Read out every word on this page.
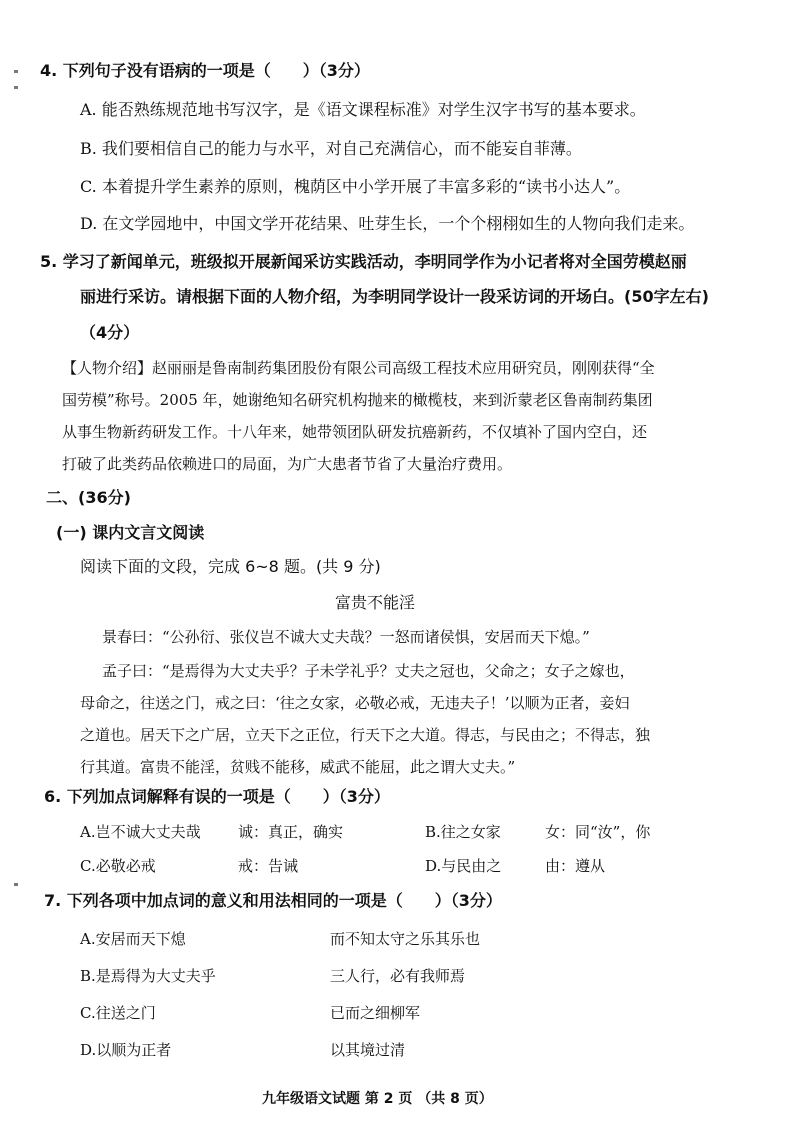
4. 下列句子没有语病的一项是（　　）（3分）
A. 能否熟练规范地书写汉字，是《语文课程标准》对学生汉字书写的基本要求。
B. 我们要相信自己的能力与水平，对自己充满信心，而不能妄自菲薄。
C. 本着提升学生素养的原则，槐荫区中小学开展了丰富多彩的“读书小达人”。
D. 在文学园地中，中国文学开花结果、吐芽生长，一个个栩栩如生的人物向我们走来。
5. 学习了新闻单元，班级拟开展新闻采访实践活动，李明同学作为小记者将对全国劳模赵丽
丽进行采访。请根据下面的人物介绍，为李明同学设计一段采访词的开场白。(50字左右)
（4分）
【人物介绍】赵丽丽是鲁南制药集团股份有限公司高级工程技术应用研究员，刚刚获得“全
国劳模”称号。2005 年，她谢绝知名研究机构抛来的橄榄枝，来到沂蒙老区鲁南制药集团
从事生物新药研发工作。十八年来，她带领团队研发抗癌新药，不仅填补了国内空白，还
打破了此类药品依赖进口的局面，为广大患者节省了大量治疗费用。
二、(36分)
(一) 课内文言文阅读
阅读下面的文段，完成 6~8 题。(共 9 分)
富贵不能淫
景春曰：“公孙衍、张仪岂不诚大丈夫哉？一怒而诸侯惧，安居而天下熄。”
孟子曰：“是焉得为大丈夫乎？子未学礼乎？丈夫之冠也，父命之；女子之嫁也，
母命之，往送之门，戒之曰：‘往之女家，必敬必戒，无违夫子！’以顺为正者，妾妇
之道也。居天下之广居，立天下之正位，行天下之大道。得志，与民由之；不得志，独
行其道。富贵不能淫，贫贱不能移，威武不能屈，此之谓大丈夫。”
6. 下列加点词解释有误的一项是（　　）（3分）
A.岂不诚大丈夫哉 诚：真正，确实	B.往之女家	女：同“汝”，你
C.必敬必戒	戒：告诫	D.与民由之	由：遵从
7. 下列各项中加点词的意义和用法相同的一项是（　　）（3分）
A.安居而天下熄	而不知太守之乐其乐也
B.是焉得为大丈夫乎	三人行，必有我师焉
C.往送之门	已而之细柳军
D.以顺为正者	以其境过清
九年级语文试题 第 2 页 （共 8 页）
